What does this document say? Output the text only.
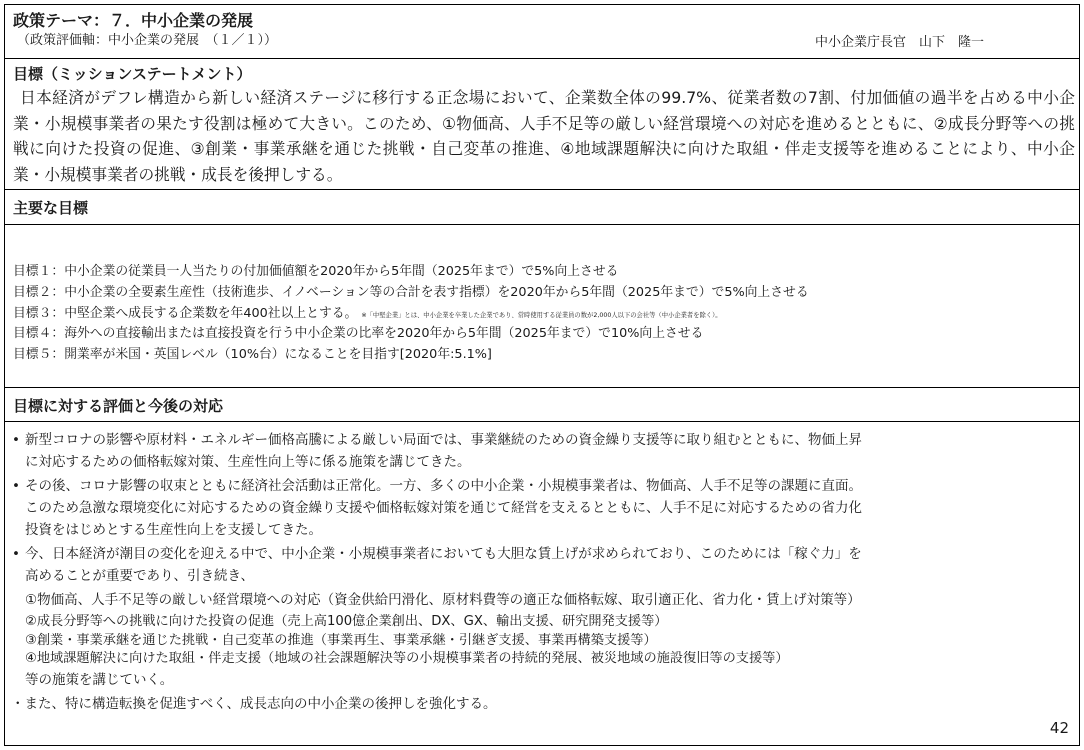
政策テーマ：７．中小企業の発展
（政策評価軸：中小企業の発展　（１／１））	中小企業庁長官　山下　隆一
目標（ミッションステートメント）

日本経済がデフレ構造から新しい経済ステージに移行する正念場において、企業数全体の99.7%、従業者数の7割、付加価値の過半を占める中小企業・小規模事業者の果たす役割は極めて大きい。このため、①物価高、人手不足等の厳しい経営環境への対応を進めるとともに、②成長分野等への挑戦に向けた投資の促進、③創業・事業承継を通じた挑戦・自己変革の推進、④地域課題解決に向けた取組・伴走支援等を進めることにより、中小企業・小規模事業者の挑戦・成長を後押しする。

主要な目標
目標１：中小企業の従業員一人当たりの付加価値額を2020年から5年間（2025年まで）で5%向上させる
目標２：中小企業の全要素生産性（技術進歩、イノベーション等の合計を表す指標）を2020年から5年間（2025年まで）で5%向上させる
目標３：中堅企業へ成長する企業数を年400社以上とする。 ※「中堅企業」とは、中小企業を卒業した企業であり、常時使用する従業員の数が2,000人以下の会社等（中小企業者を除く）。
目標４：海外への直接輸出または直接投資を行う中小企業の比率を2020年から5年間（2025年まで）で10%向上させる
目標５：開業率が米国・英国レベル（10%台）になることを目指す[2020年:5.1%]
目標に対する評価と今後の対応
• 新型コロナの影響や原材料・エネルギー価格高騰による厳しい局面では、事業継続のための資金繰り支援等に取り組むとともに、物価上昇
に対応するための価格転嫁対策、生産性向上等に係る施策を講じてきた。
• その後、コロナ影響の収束とともに経済社会活動は正常化。一方、多くの中小企業・小規模事業者は、物価高、人手不足等の課題に直面。
このため急激な環境変化に対応するための資金繰り支援や価格転嫁対策を通じて経営を支えるとともに、人手不足に対応するための省力化
投資をはじめとする生産性向上を支援してきた。
• 今、日本経済が潮目の変化を迎える中で、中小企業・小規模事業者においても大胆な賃上げが求められており、このためには「稼ぐ力」を
高めることが重要であり、引き続き、
①物価高、人手不足等の厳しい経営環境への対応（資金供給円滑化、原材料費等の適正な価格転嫁、取引適正化、省力化・賃上げ対策等）
②成長分野等への挑戦に向けた投資の促進（売上高100億企業創出、DX、GX、輸出支援、研究開発支援等）
③創業・事業承継を通じた挑戦・自己変革の推進（事業再生、事業承継・引継ぎ支援、事業再構築支援等）
④地域課題解決に向けた取組・伴走支援（地域の社会課題解決等の小規模事業者の持続的発展、被災地域の施設復旧等の支援等）
等の施策を講じていく。
・また、特に構造転換を促進すべく、成長志向の中小企業の後押しを強化する。
42
